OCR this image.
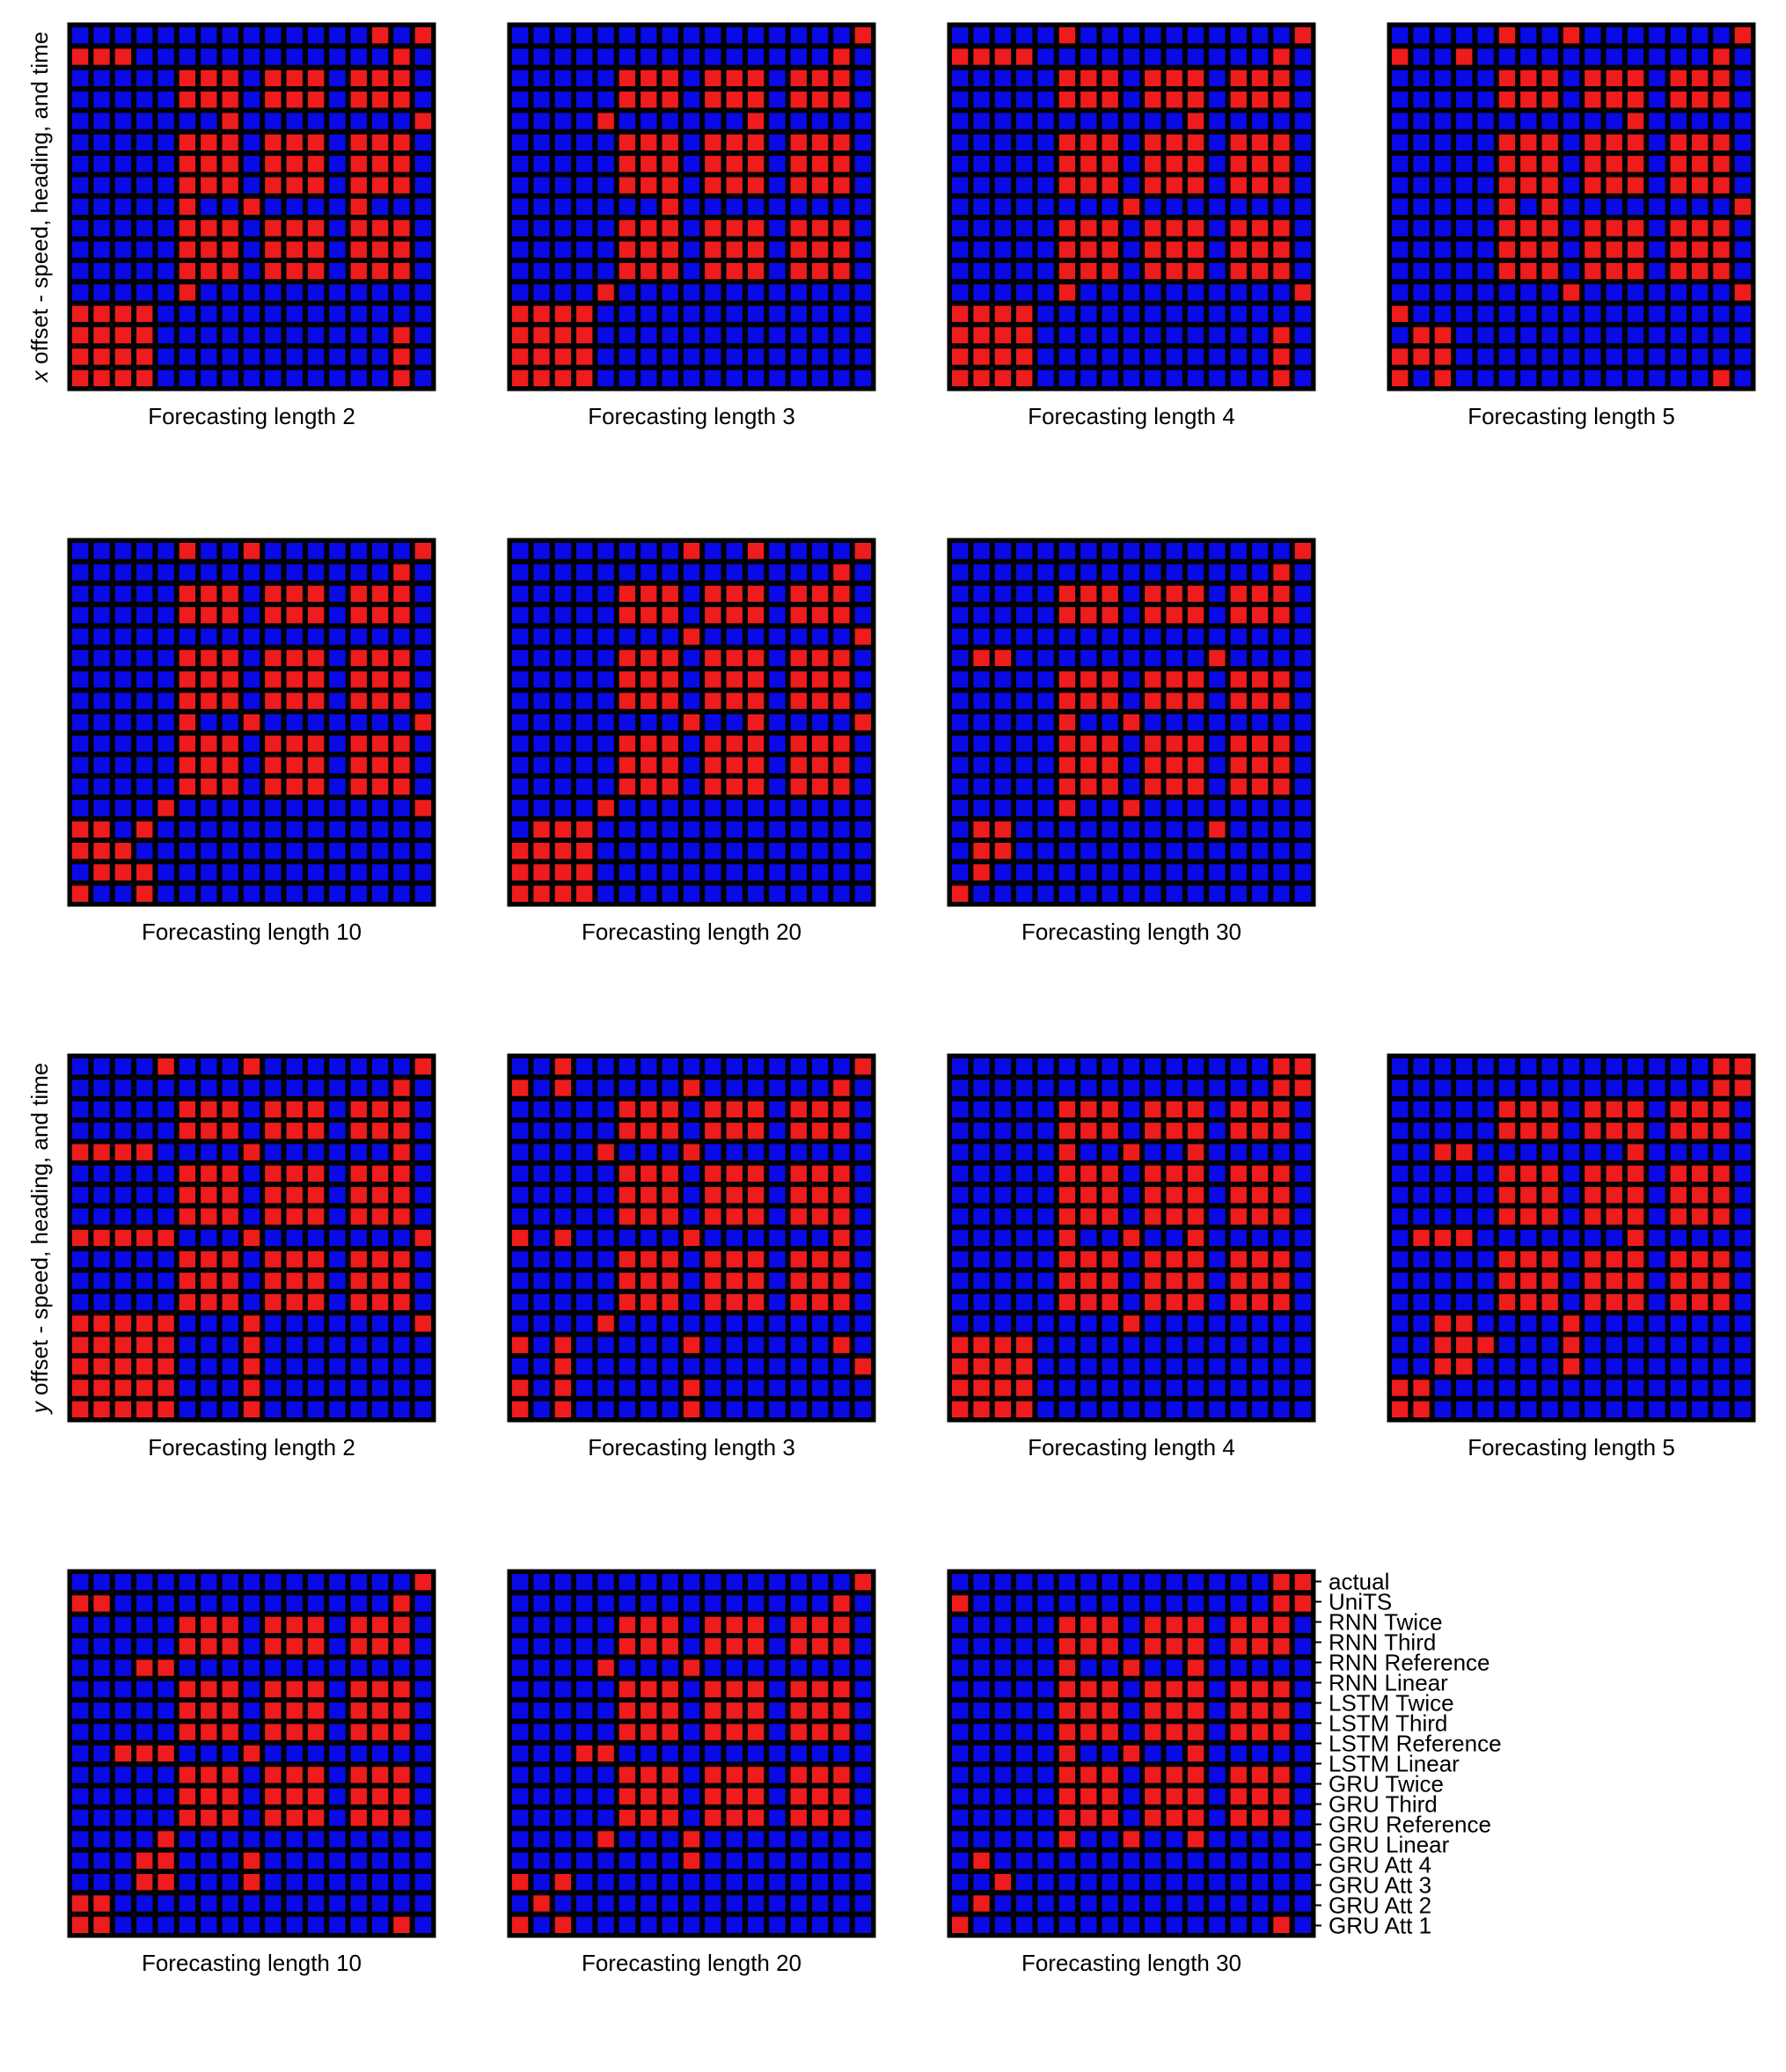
x offset - speed, heading, and time
Forecasting length 2	Forecasting length 3	Forecasting length 4	Forecasting length 5
Forecasting length 10	Forecasting length 20	Forecasting length 30
y offset - speed, heading, and time
Forecasting length 2	Forecasting length 3	Forecasting length 4	Forecasting length 5
Forecasting length 10	Forecasting length 20	Forecasting length 30
actual
UniTS
RNN Twice
RNN Third
RNN Reference
RNN Linear
LSTM Twice
LSTM Third
LSTM Reference
LSTM Linear
GRU Twice
GRU Third
GRU Reference
GRU Linear
GRU Att 4
GRU Att 3
GRU Att 2
GRU Att 1
